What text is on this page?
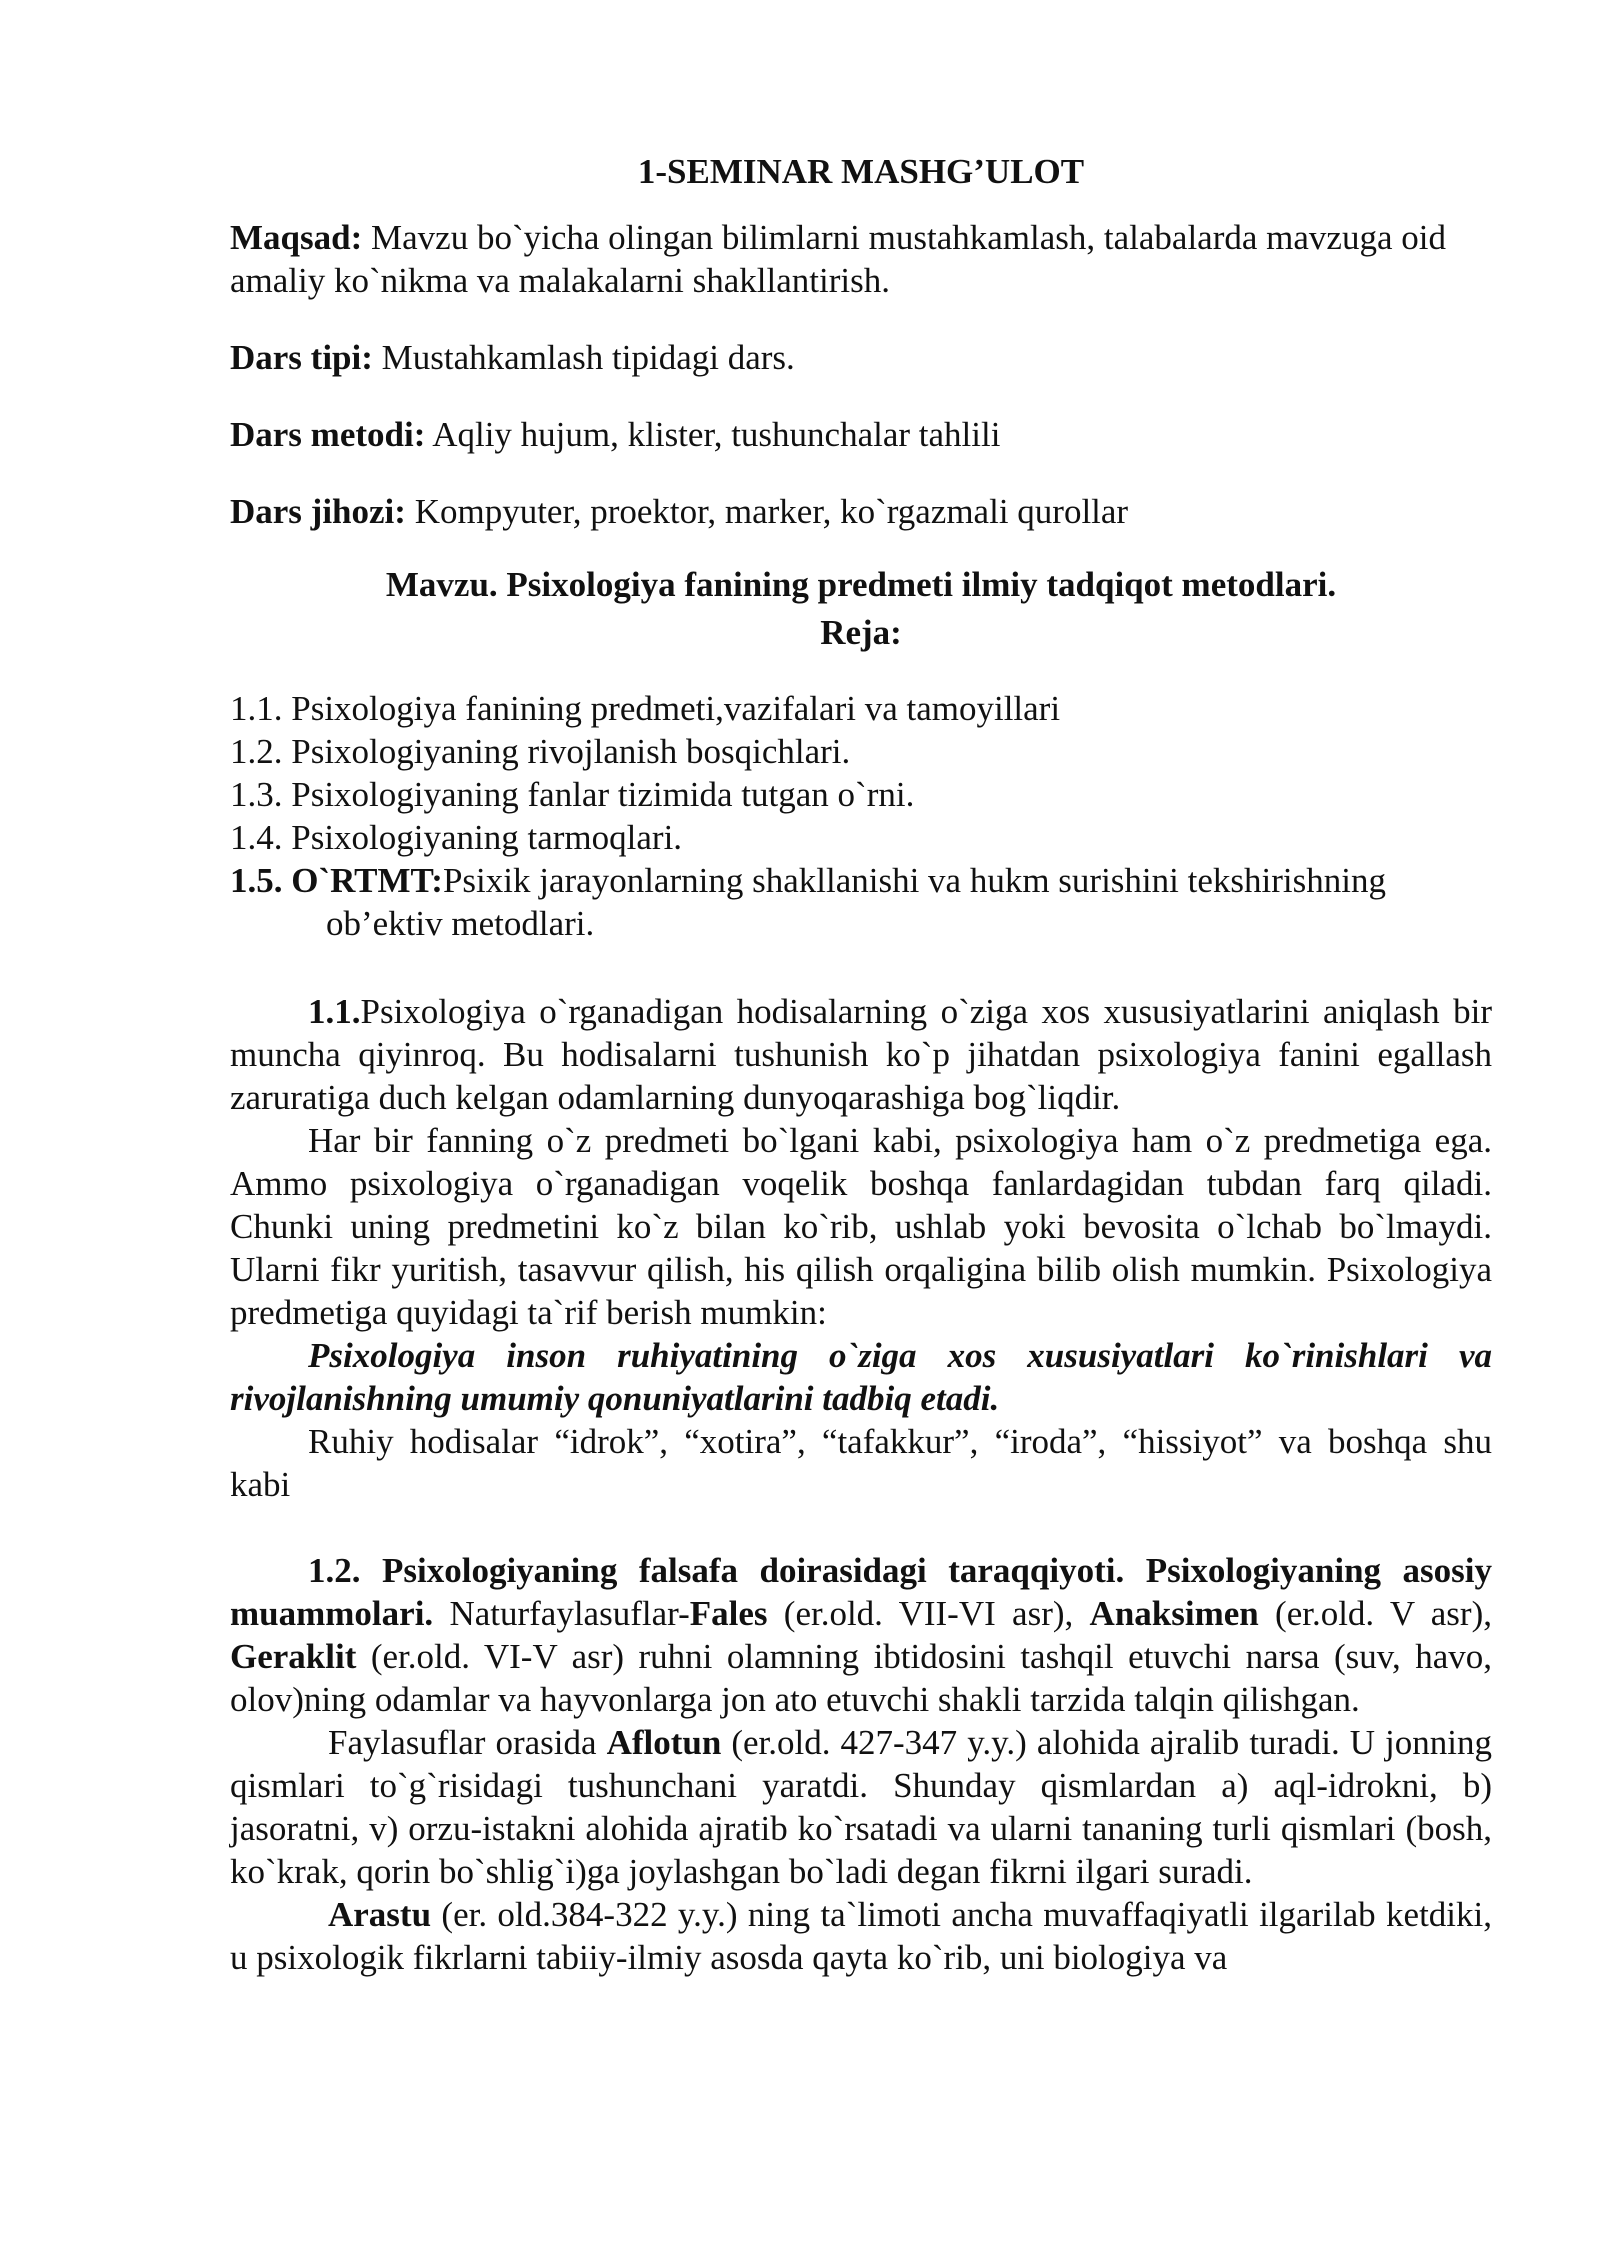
1-SEMINAR MASHG’ULOT

Maqsad: Mavzu bo`yicha olingan bilimlarni mustahkamlash, talabalarda mavzuga oid amaliy ko`nikma va malakalarni shakllantirish.

Dars tipi: Mustahkamlash tipidagi dars.

Dars metodi: Aqliy hujum, klister, tushunchalar tahlili

Dars jihozi: Kompyuter, proektor, marker, ko`rgazmali qurollar

Mavzu. Psixologiya fanining predmeti ilmiy tadqiqot metodlari.

Reja:

1.1. Psixologiya fanining predmeti,vazifalari va tamoyillari

1.2. Psixologiyaning rivojlanish bosqichlari.

1.3. Psixologiyaning fanlar tizimida tutgan o`rni.

1.4. Psixologiyaning tarmoqlari.

1.5. O`RTMT:Psixik jarayonlarning shakllanishi va hukm surishini tekshirishning

ob’ektiv metodlari.

1.1.Psixologiya o`rganadigan hodisalarning o`ziga xos xususiyatlarini aniqlash bir muncha qiyinroq. Bu hodisalarni tushunish ko`p jihatdan psixologiya fanini egallash zaruratiga duch kelgan odamlarning dunyoqarashiga bog`liqdir.

Har bir fanning o`z predmeti bo`lgani kabi, psixologiya ham o`z predmetiga ega. Ammo psixologiya o`rganadigan voqelik boshqa fanlardagidan tubdan farq qiladi. Chunki uning predmetini ko`z bilan ko`rib, ushlab yoki bevosita o`lchab bo`lmaydi. Ularni fikr yuritish, tasavvur qilish, his qilish orqaligina bilib olish mumkin. Psixologiya predmetiga quyidagi ta`rif berish mumkin:

Psixologiya inson ruhiyatining o`ziga xos xususiyatlari ko`rinishlari va rivojlanishning umumiy qonuniyatlarini tadbiq etadi.

Ruhiy hodisalar “idrok”, “xotira”, “tafakkur”, “iroda”, “hissiyot” va boshqa shu kabi

1.2. Psixologiyaning falsafa doirasidagi taraqqiyoti. Psixologiyaning asosiy muammolari. Naturfaylasuflar-Fales (er.old. VII-VI asr), Anaksimen (er.old. V asr), Geraklit (er.old. VI-V asr) ruhni olamning ibtidosini tashqil etuvchi narsa (suv, havo, olov)ning odamlar va hayvonlarga jon ato etuvchi shakli tarzida talqin qilishgan.

Faylasuflar orasida Aflotun (er.old. 427-347 y.y.) alohida ajralib turadi. U jonning qismlari to`g`risidagi tushunchani yaratdi. Shunday qismlardan a) aql-idrokni, b) jasoratni, v) orzu-istakni alohida ajratib ko`rsatadi va ularni tananing turli qismlari (bosh, ko`krak, qorin bo`shlig`i)ga joylashgan bo`ladi degan fikrni ilgari suradi.

Arastu (er. old.384-322 y.y.) ning ta`limoti ancha muvaffaqiyatli ilgarilab ketdiki, u psixologik fikrlarni tabiiy-ilmiy asosda qayta ko`rib, uni biologiya va
